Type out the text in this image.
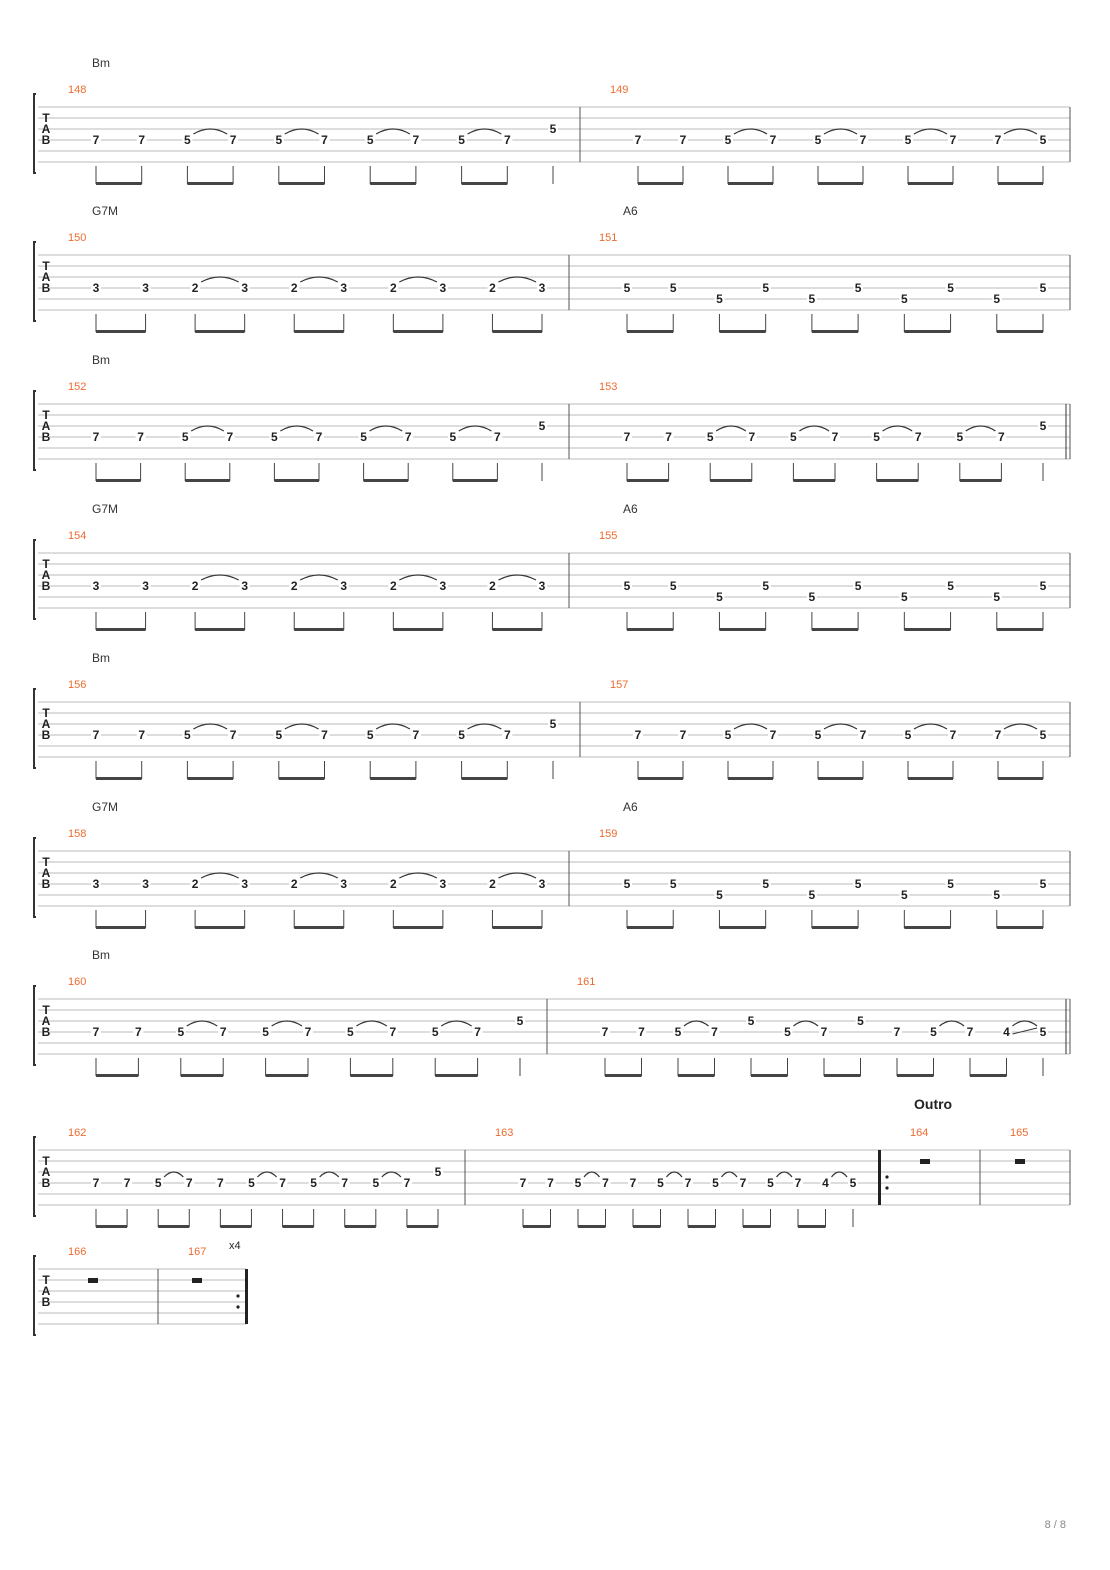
T
A
B
Bm
148
7	7	5	7	5	7	5	7	5	7
5
149
7	7	5	7	5	7	5	7	7	5
T
A
B
G7M	A6
150
3	3	2	3	2	3	2	3	2	3
151
5	5
5
5
5
5
5
5
5
5
T
A
B
Bm
152
7	7	5	7	5	7	5	7	5	7
5
153
7	7	5	7	5	7	5	7	5	7
5
T
A
B
G7M	A6
154
3	3	2	3	2	3	2	3	2	3
155
5	5
5
5
5
5
5
5
5
5
T
A
B
Bm
156
7	7	5	7	5	7	5	7	5	7
5
157
7	7	5	7	5	7	5	7	7	5
T
A
B
G7M	A6
158
3	3	2	3	2	3	2	3	2	3
159
5	5
5
5
5
5
5
5
5
5
T
A
B
Bm
160
7	7	5	7	5	7	5	7	5	7
5
161
7 7 5 7
5
5 7
5
7 5 7 4 5
T
A
B
162
7 7 5 7 7 5 7 5 7 5 7
5
163
7 7 5 7 7 5 7 5 7 5 7 4 5
164	165
Outro
T
A
B
166	167 x4
8 / 8
